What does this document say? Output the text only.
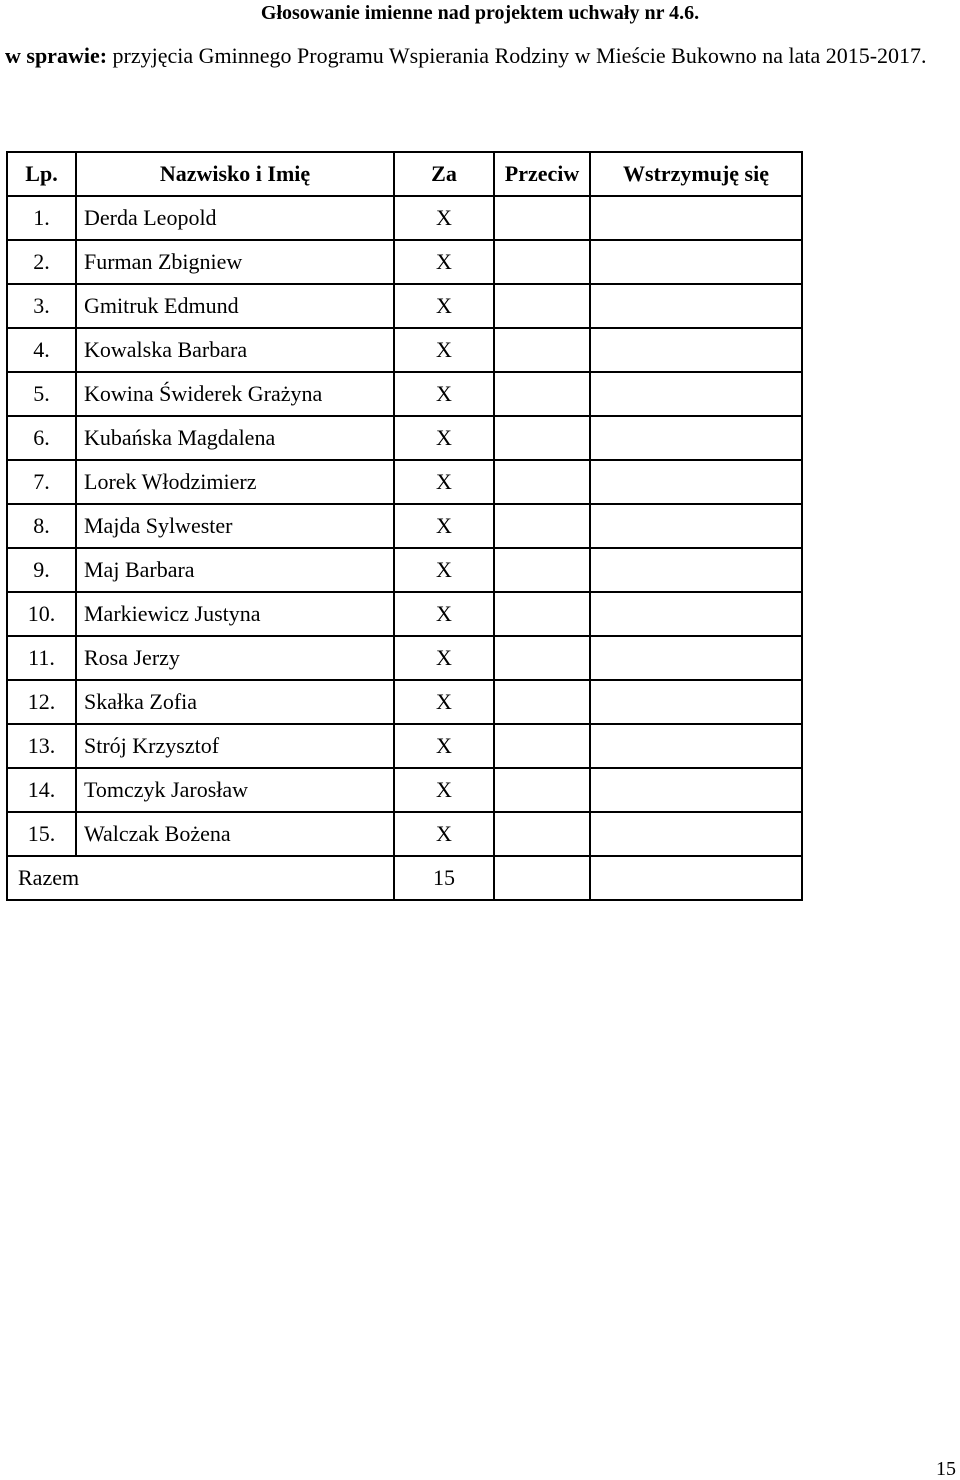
Głosowanie imienne nad projektem uchwały nr 4.6.
w sprawie: przyjęcia Gminnego Programu Wspierania Rodziny w Mieście Bukowno na lata 2015-2017.
Lp.	Nazwisko i Imię	Za	Przeciw	Wstrzymuję się
1.	Derda Leopold	X		
2.	Furman Zbigniew	X		
3.	Gmitruk Edmund	X		
4.	Kowalska Barbara	X		
5.	Kowina Świderek Grażyna	X		
6.	Kubańska Magdalena	X		
7.	Lorek Włodzimierz	X		
8.	Majda Sylwester	X		
9.	Maj Barbara	X		
10.	Markiewicz Justyna	X		
11.	Rosa Jerzy	X		
12.	Skałka Zofia	X		
13.	Strój Krzysztof	X		
14.	Tomczyk Jarosław	X		
15.	Walczak Bożena	X		
Razem		15		
15
